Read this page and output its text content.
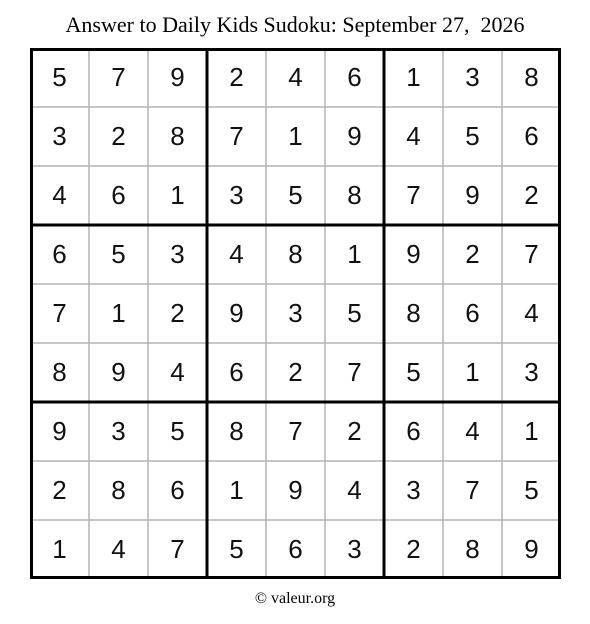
Answer to Daily Kids Sudoku: September 27,  2026
5	7	9	2	4	6	1	3	8
3	2	8	7	1	9	4	5	6
4	6	1	3	5	8	7	9	2
6	5	3	4	8	1	9	2	7
7	1	2	9	3	5	8	6	4
8	9	4	6	2	7	5	1	3
9	3	5	8	7	2	6	4	1
2	8	6	1	9	4	3	7	5
1	4	7	5	6	3	2	8	9
© valeur.org
